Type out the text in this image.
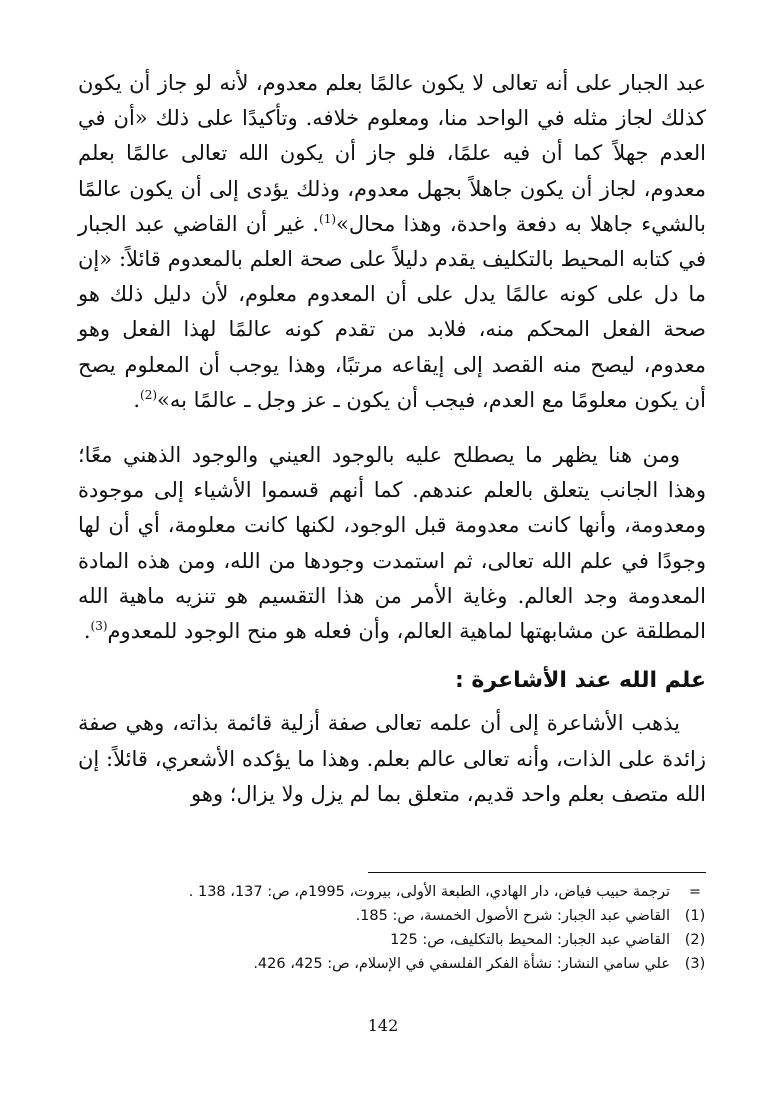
عبد الجبار على أنه تعالى لا يكون عالمًا بعلم معدوم، لأنه لو جاز أن يكون كذلك لجاز مثله في الواحد منا، ومعلوم خلافه. وتأكيدًا على ذلك «أن في العدم جهلاً كما أن فيه علمًا، فلو جاز أن يكون الله تعالى عالمًا بعلم معدوم، لجاز أن يكون جاهلاً بجهل معدوم، وذلك يؤدى إلى أن يكون عالمًا بالشيء جاهلا به دفعة واحدة، وهذا محال»$^{(1)}$. غير أن القاضي عبد الجبار في كتابه المحيط بالتكليف يقدم دليلاً على صحة العلم بالمعدوم قائلاً: «إن ما دل على كونه عالمًا يدل على أن المعدوم معلوم، لأن دليل ذلك هو صحة الفعل المحكم منه، فلابد من تقدم كونه عالمًا لهذا الفعل وهو معدوم، ليصح منه القصد إلى إيقاعه مرتبًا، وهذا يوجب أن المعلوم يصح أن يكون معلومًا مع العدم، فيجب أن يكون ـ عز وجل ـ عالمًا به»$^{(2)}$.

ومن هنا يظهر ما يصطلح عليه بالوجود العيني والوجود الذهني معًا؛ وهذا الجانب يتعلق بالعلم عندهم. كما أنهم قسموا الأشياء إلى موجودة ومعدومة، وأنها كانت معدومة قبل الوجود، لكنها كانت معلومة، أي أن لها وجودًا في علم الله تعالى، ثم استمدت وجودها من الله، ومن هذه المادة المعدومة وجد العالم. وغاية الأمر من هذا التقسيم هو تنزيه ماهية الله المطلقة عن مشابهتها لماهية العالم، وأن فعله هو منح الوجود للمعدوم$^{(3)}$.

علم الله عند الأشاعرة :

يذهب الأشاعرة إلى أن علمه تعالى صفة أزلية قائمة بذاته، وهي صفة زائدة على الذات، وأنه تعالى عالم بعلم. وهذا ما يؤكده الأشعري، قائلاً: إن الله متصف بعلم واحد قديم، متعلق بما لم يزل ولا يزال؛ وهو

=
ترجمة حبيب فياض، دار الهادي، الطبعة الأولى، بيروت، 1995م، ص: 137، 138 .
(1)
القاضي عبد الجبار: شرح الأصول الخمسة، ص: 185.
(2)
القاضي عبد الجبار: المحيط بالتكليف، ص: 125
(3)
علي سامي النشار: نشأة الفكر الفلسفي في الإسلام، ص: 425، 426.
142
